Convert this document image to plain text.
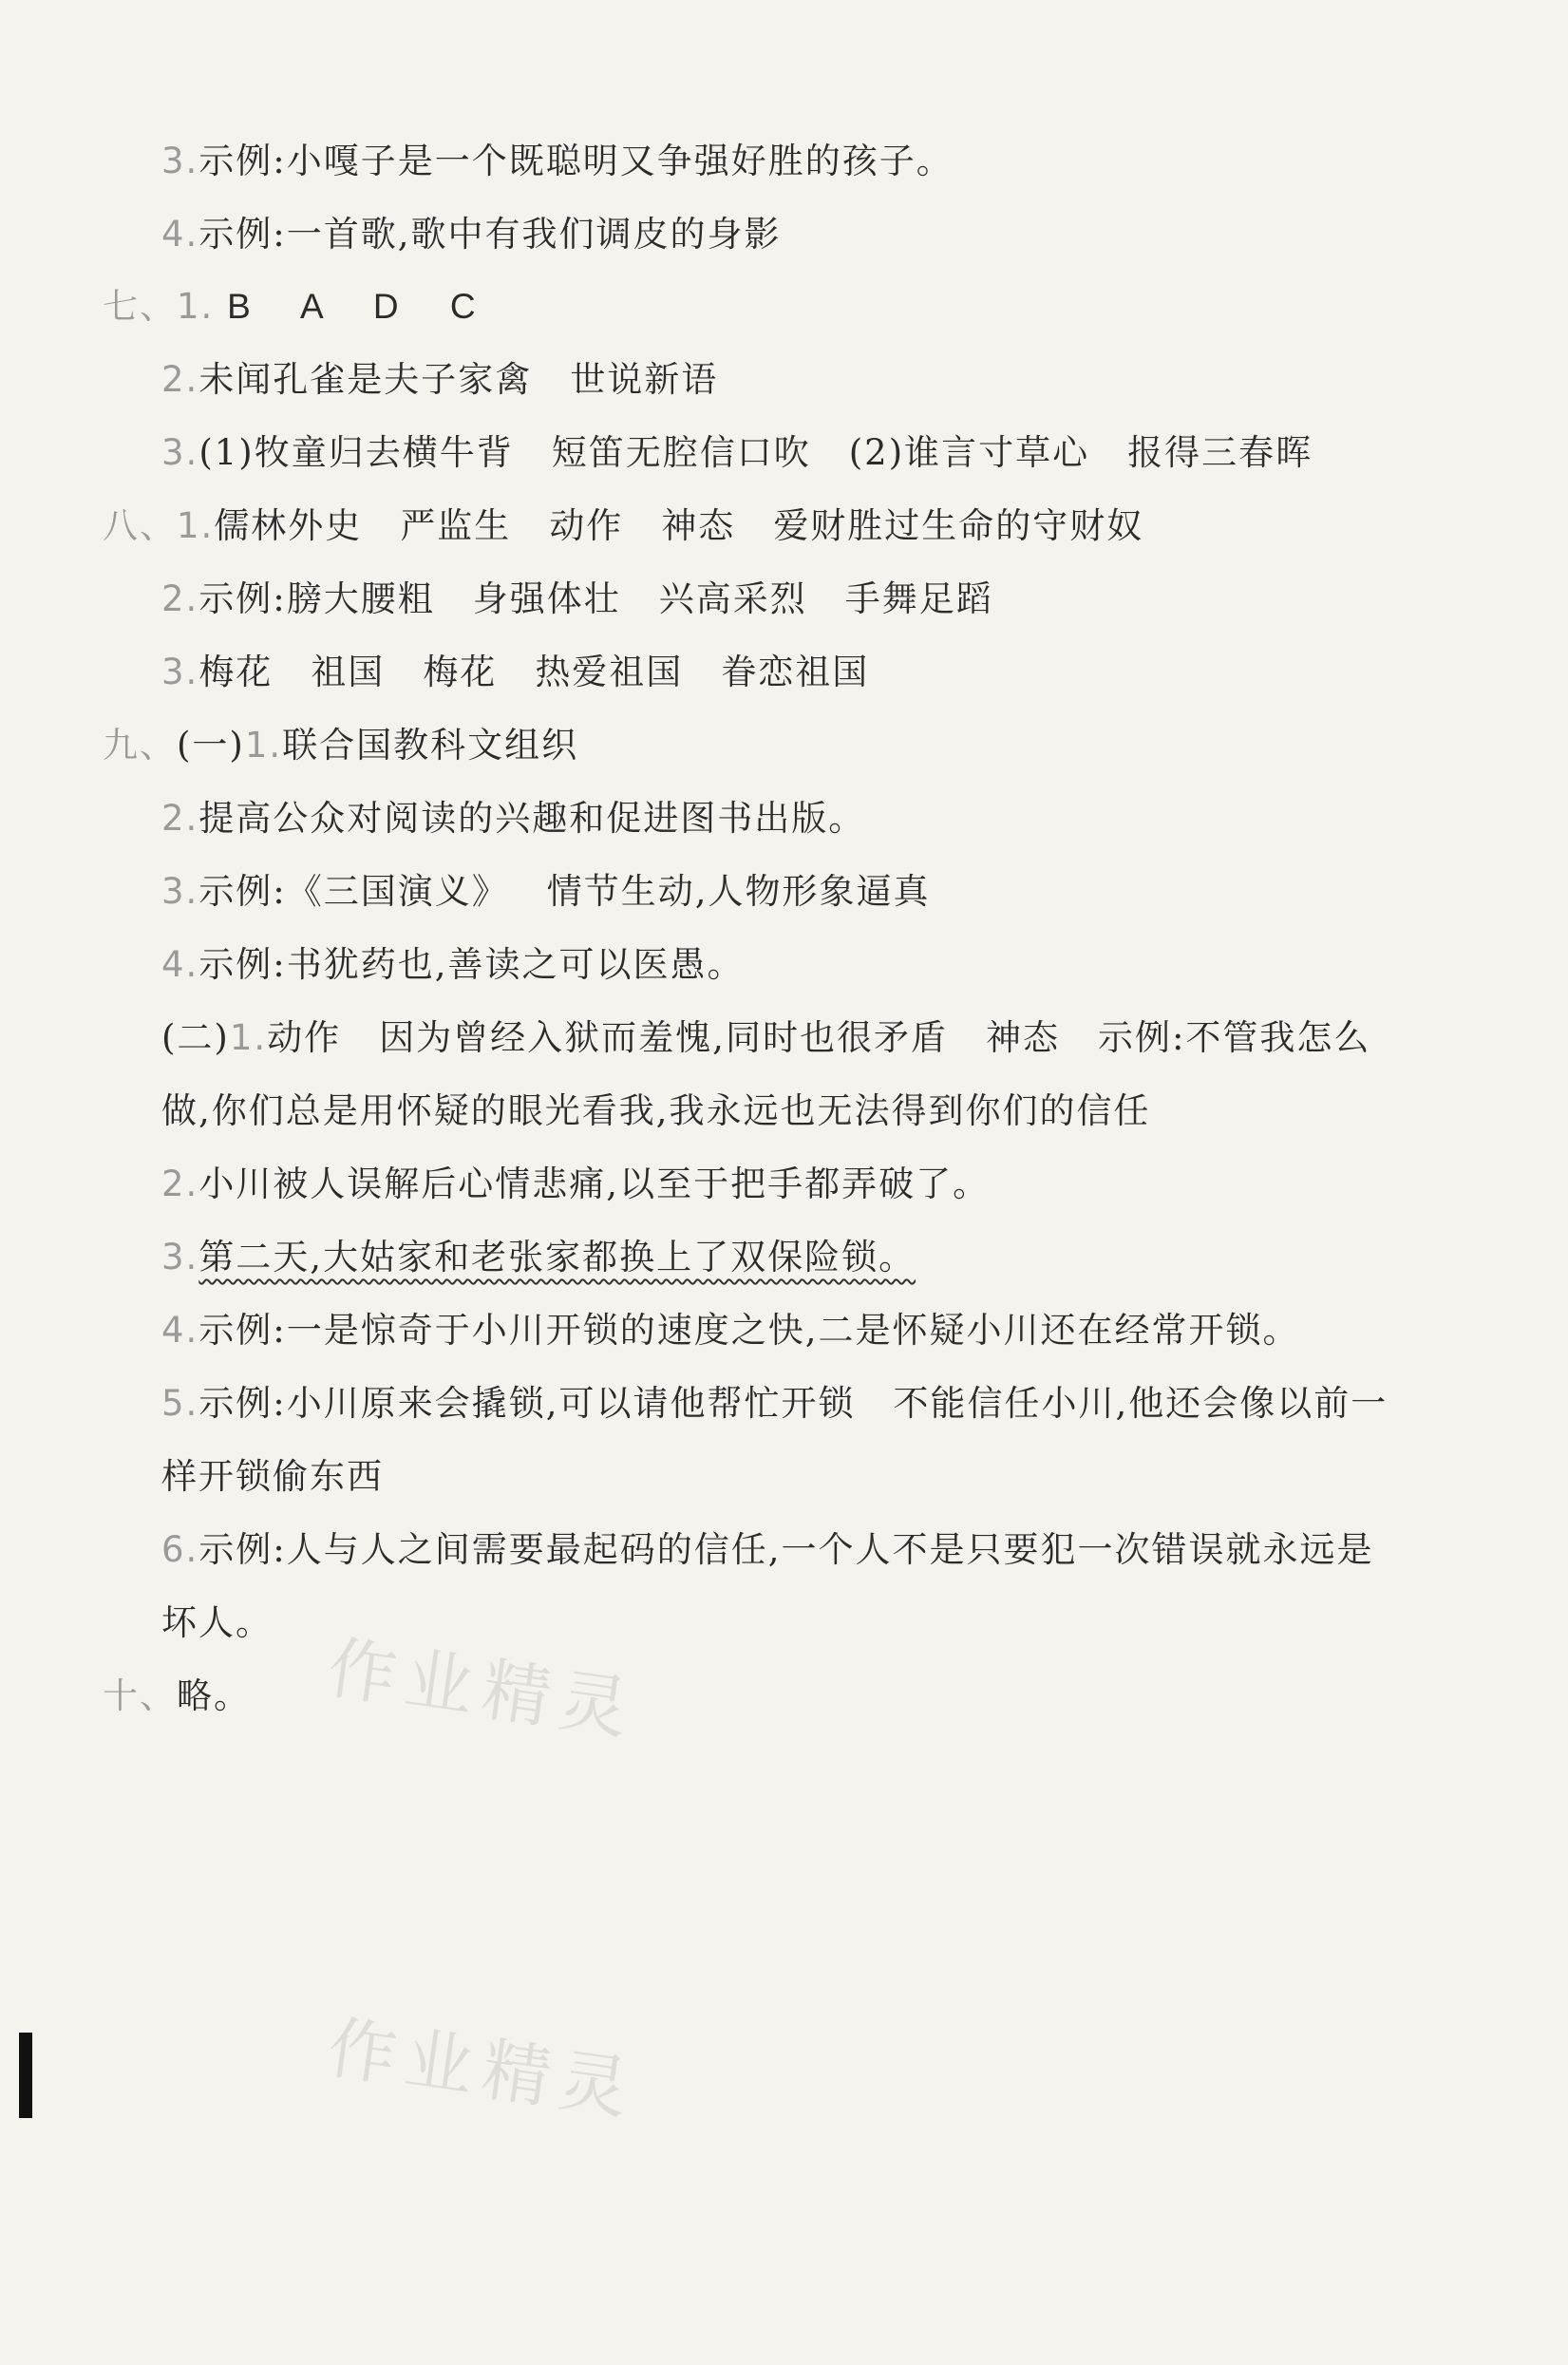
3.示例:小嘎子是一个既聪明又争强好胜的孩子。
4.示例:一首歌,歌中有我们调皮的身影
七、1. B A D C
2.未闻孔雀是夫子家禽 世说新语
3.(1)牧童归去横牛背 短笛无腔信口吹 (2)谁言寸草心 报得三春晖
八、1.儒林外史 严监生 动作 神态 爱财胜过生命的守财奴
2.示例:膀大腰粗 身强体壮 兴高采烈 手舞足蹈
3.梅花 祖国 梅花 热爱祖国 眷恋祖国
九、(一)1.联合国教科文组织
2.提高公众对阅读的兴趣和促进图书出版。
3.示例:《三国演义》 情节生动,人物形象逼真
4.示例:书犹药也,善读之可以医愚。
(二)1.动作 因为曾经入狱而羞愧,同时也很矛盾 神态 示例:不管我怎么
做,你们总是用怀疑的眼光看我,我永远也无法得到你们的信任
2.小川被人误解后心情悲痛,以至于把手都弄破了。
3.第二天,大姑家和老张家都换上了双保险锁。
4.示例:一是惊奇于小川开锁的速度之快,二是怀疑小川还在经常开锁。
5.示例:小川原来会撬锁,可以请他帮忙开锁 不能信任小川,他还会像以前一
样开锁偷东西
6.示例:人与人之间需要最起码的信任,一个人不是只要犯一次错误就永远是
坏人。
十、略。 作业精灵
作业精灵
